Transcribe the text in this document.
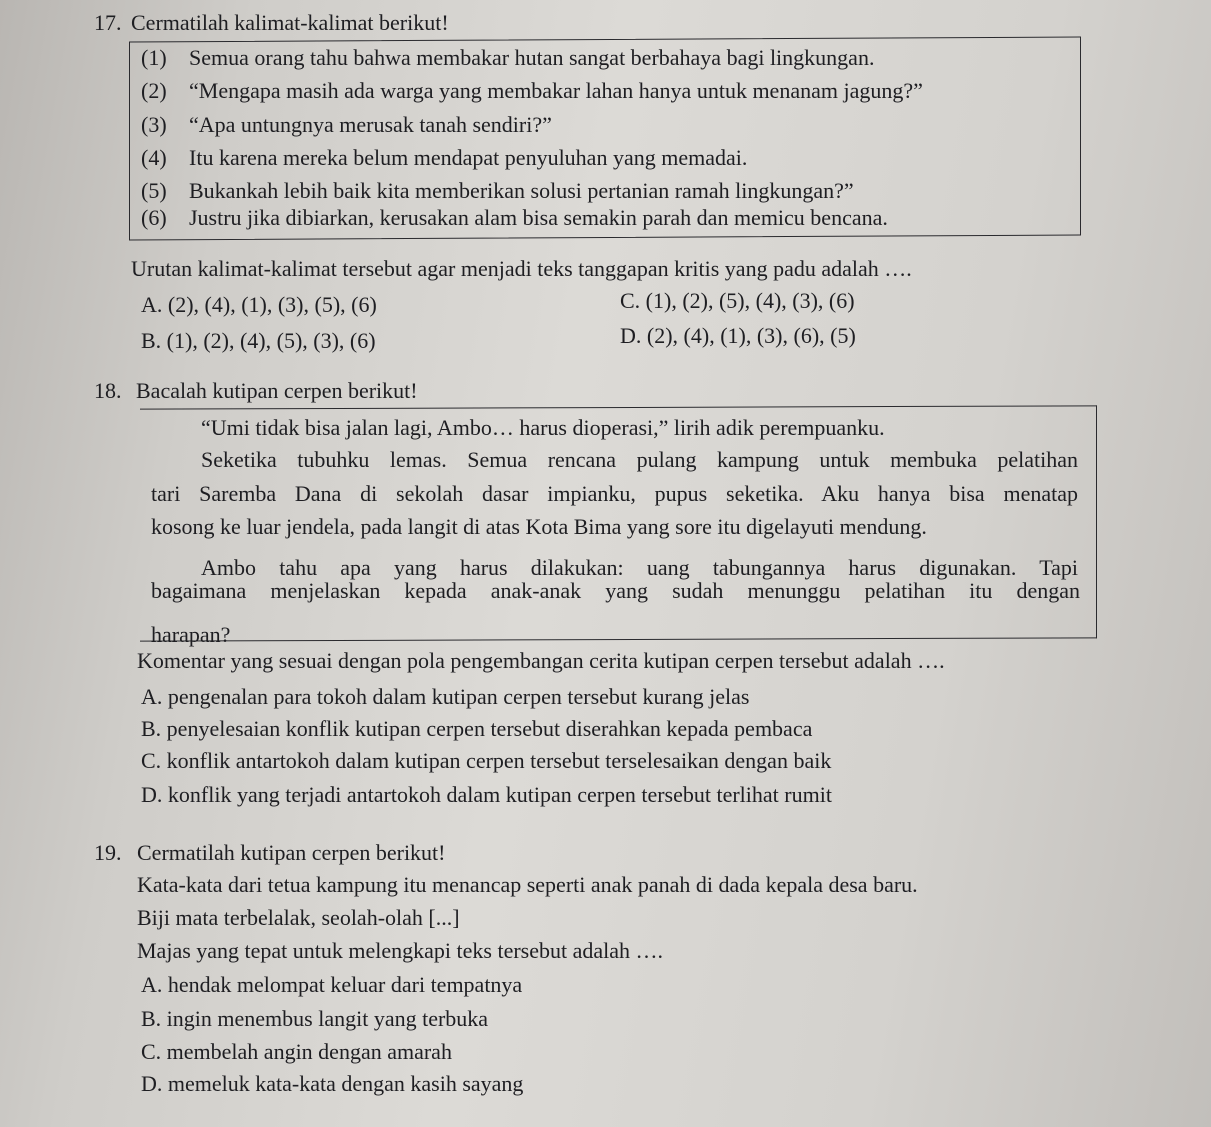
17. Cermatilah kalimat-kalimat berikut!
(1) Semua orang tahu bahwa membakar hutan sangat berbahaya bagi lingkungan.
(2) “Mengapa masih ada warga yang membakar lahan hanya untuk menanam jagung?”
(3) “Apa untungnya merusak tanah sendiri?”
(4) Itu karena mereka belum mendapat penyuluhan yang memadai.
(5) Bukankah lebih baik kita memberikan solusi pertanian ramah lingkungan?”
(6) Justru jika dibiarkan, kerusakan alam bisa semakin parah dan memicu bencana.
Urutan kalimat-kalimat tersebut agar menjadi teks tanggapan kritis yang padu adalah ….
A. (2), (4), (1), (3), (5), (6)	C. (1), (2), (5), (4), (3), (6)
B. (1), (2), (4), (5), (3), (6)	D. (2), (4), (1), (3), (6), (5)
18. Bacalah kutipan cerpen berikut!
“Umi tidak bisa jalan lagi, Ambo… harus dioperasi,” lirih adik perempuanku.
Seketika tubuhku lemas. Semua rencana pulang kampung untuk membuka pelatihan
tari Saremba Dana di sekolah dasar impianku, pupus seketika. Aku hanya bisa menatap
kosong ke luar jendela, pada langit di atas Kota Bima yang sore itu digelayuti mendung.
Ambo tahu apa yang harus dilakukan: uang tabungannya harus digunakan. Tapi
bagaimana menjelaskan kepada anak-anak yang sudah menunggu pelatihan itu dengan
harapan?
Komentar yang sesuai dengan pola pengembangan cerita kutipan cerpen tersebut adalah ….
A. pengenalan para tokoh dalam kutipan cerpen tersebut kurang jelas
B. penyelesaian konflik kutipan cerpen tersebut diserahkan kepada pembaca
C. konflik antartokoh dalam kutipan cerpen tersebut terselesaikan dengan baik
D. konflik yang terjadi antartokoh dalam kutipan cerpen tersebut terlihat rumit
19. Cermatilah kutipan cerpen berikut!
Kata-kata dari tetua kampung itu menancap seperti anak panah di dada kepala desa baru.
Biji mata terbelalak, seolah-olah [...]
Majas yang tepat untuk melengkapi teks tersebut adalah ….
A. hendak melompat keluar dari tempatnya
B. ingin menembus langit yang terbuka
C. membelah angin dengan amarah
D. memeluk kata-kata dengan kasih sayang
